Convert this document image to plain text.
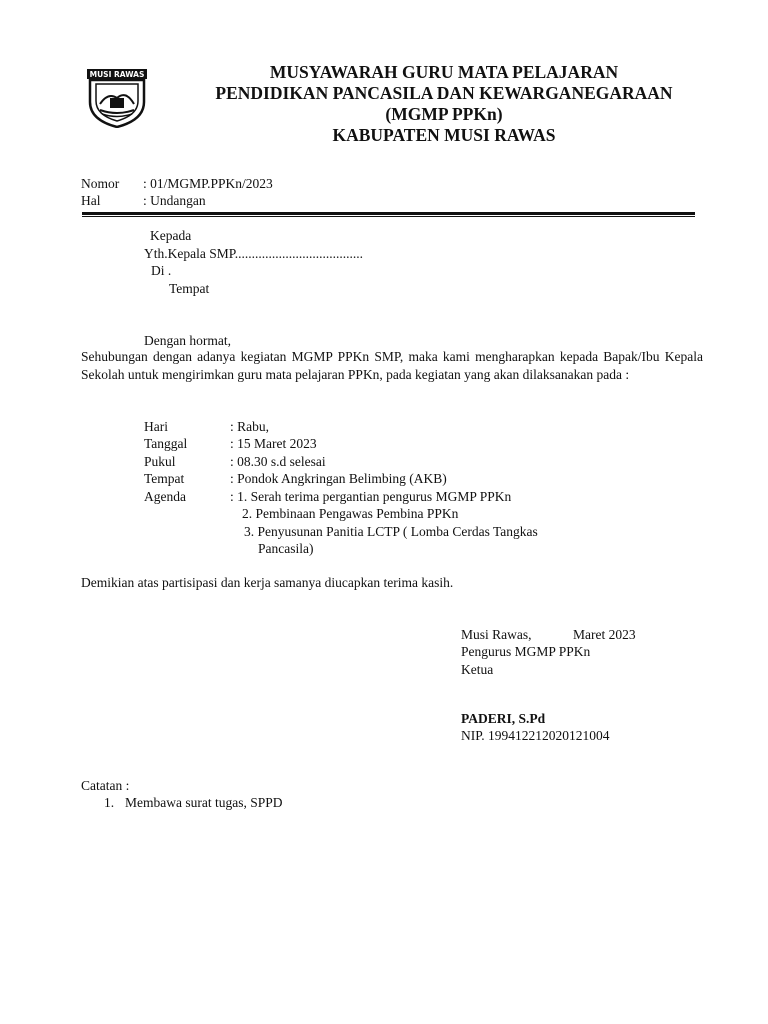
MUSI RAWAS	MUSYAWARAH GURU MATA PELAJARAN
PENDIDIKAN PANCASILA DAN KEWARGANEGARAAN
(MGMP PPKn)
KABUPATEN MUSI RAWAS
Nomor : 01/MGMP.PPKn/2023
Hal	: Undangan
Kepada
Yth.Kepala SMP......................................
Di .
Tempat
Dengan hormat,
Sehubungan dengan adanya kegiatan MGMP PPKn SMP, maka kami mengharapkan kepada Bapak/Ibu Kepala Sekolah untuk mengirimkan guru mata pelajaran PPKn, pada kegiatan yang akan dilaksanakan pada :
Hari	: Rabu,
Tanggal	: 15 Maret 2023
Pukul	: 08.30 s.d selesai
Tempat	: Pondok Angkringan Belimbing (AKB)
Agenda	: 1. Serah terima pergantian pengurus MGMP PPKn
2. Pembinaan Pengawas Pembina PPKn
3. Penyusunan Panitia LCTP ( Lomba Cerdas Tangkas
Pancasila)
Demikian atas partisipasi dan kerja samanya diucapkan terima kasih.
Musi Rawas,	Maret 2023
Pengurus MGMP PPKn
Ketua
PADERI, S.Pd
NIP. 199412212020121004
Catatan :
1. Membawa surat tugas, SPPD
